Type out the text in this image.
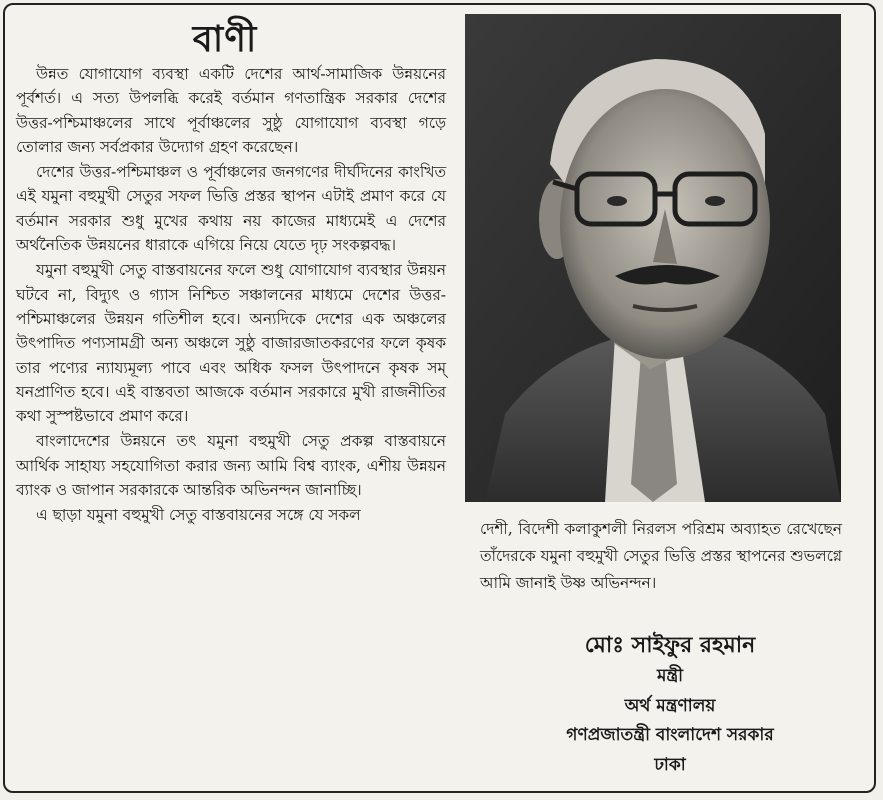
বাণী

উন্নত যোগাযোগ ব্যবস্থা একটি দেশের আর্থ-সামাজিক উন্নয়নের পূর্বশর্ত। এ সত্য উপলব্ধি করেই বর্তমান গণতান্ত্রিক সরকার দেশের উত্তর-পশ্চিমাঞ্চলের সাথে পূর্বাঞ্চলের সুষ্ঠু যোগাযোগ ব্যবস্থা গড়ে তোলার জন্য সর্বপ্রকার উদ্যোগ গ্রহণ করেছেন।

দেশের উত্তর-পশ্চিমাঞ্চল ও পূর্বাঞ্চলের জনগণের দীর্ঘদিনের কাংখিত এই যমুনা বহুমুখী সেতুর সফল ভিত্তি প্রস্তর স্থাপন এটাই প্রমাণ করে যে বর্তমান সরকার শুধু মুখের কথায় নয় কাজের মাধ্যমেই এ দেশের অর্থনৈতিক উন্নয়নের ধারাকে এগিয়ে নিয়ে যেতে দৃঢ় সংকল্পবদ্ধ।

যমুনা বহুমুখী সেতু বাস্তবায়নের ফলে শুধু যোগাযোগ ব্যবস্থার উন্নয়ন ঘটবে না, বিদ্যুৎ ও গ্যাস নিশ্চিত সঞ্চালনের মাধ্যমে দেশের উত্তর-পশ্চিমাঞ্চলের উন্নয়ন গতিশীল হবে। অন্যদিকে দেশের এক অঞ্চলের উৎপাদিত পণ্যসামগ্রী অন্য অঞ্চলে সুষ্ঠু বাজারজাতকরণের ফলে কৃষক তার পণ্যের ন্যায্যমূল্য পাবে এবং অধিক ফসল উৎপাদনে কৃষক সম্ যনপ্রাণিত হবে। এই বাস্তবতা আজকে বর্তমান সরকারে মুখী রাজনীতির কথা সুস্পষ্টভাবে প্রমাণ করে।

বাংলাদেশের উন্নয়নে তৎ যমুনা বহুমুখী সেতু প্রকল্প বাস্তবায়নে আর্থিক সাহায্য সহযোগিতা করার জন্য আমি বিশ্ব ব্যাংক, এশীয় উন্নয়ন ব্যাংক ও জাপান সরকারকে আন্তরিক অভিনন্দন জানাচ্ছি।

এ ছাড়া যমুনা বহুমুখী সেতু বাস্তবায়নের সঙ্গে যে সকল

দেশী, বিদেশী কলাকুশলী নিরলস পরিশ্রম অব্যাহত রেখেছেন তাঁদেরকে যমুনা বহুমুখী সেতুর ভিত্তি প্রস্তর স্থাপনের শুভলগ্নে আমি জানাই উষ্ণ অভিনন্দন।
মোঃ সাইফুর রহমান
মন্ত্রী
অর্থ মন্ত্রণালয়
গণপ্রজাতন্ত্রী বাংলাদেশ সরকার
ঢাকা
